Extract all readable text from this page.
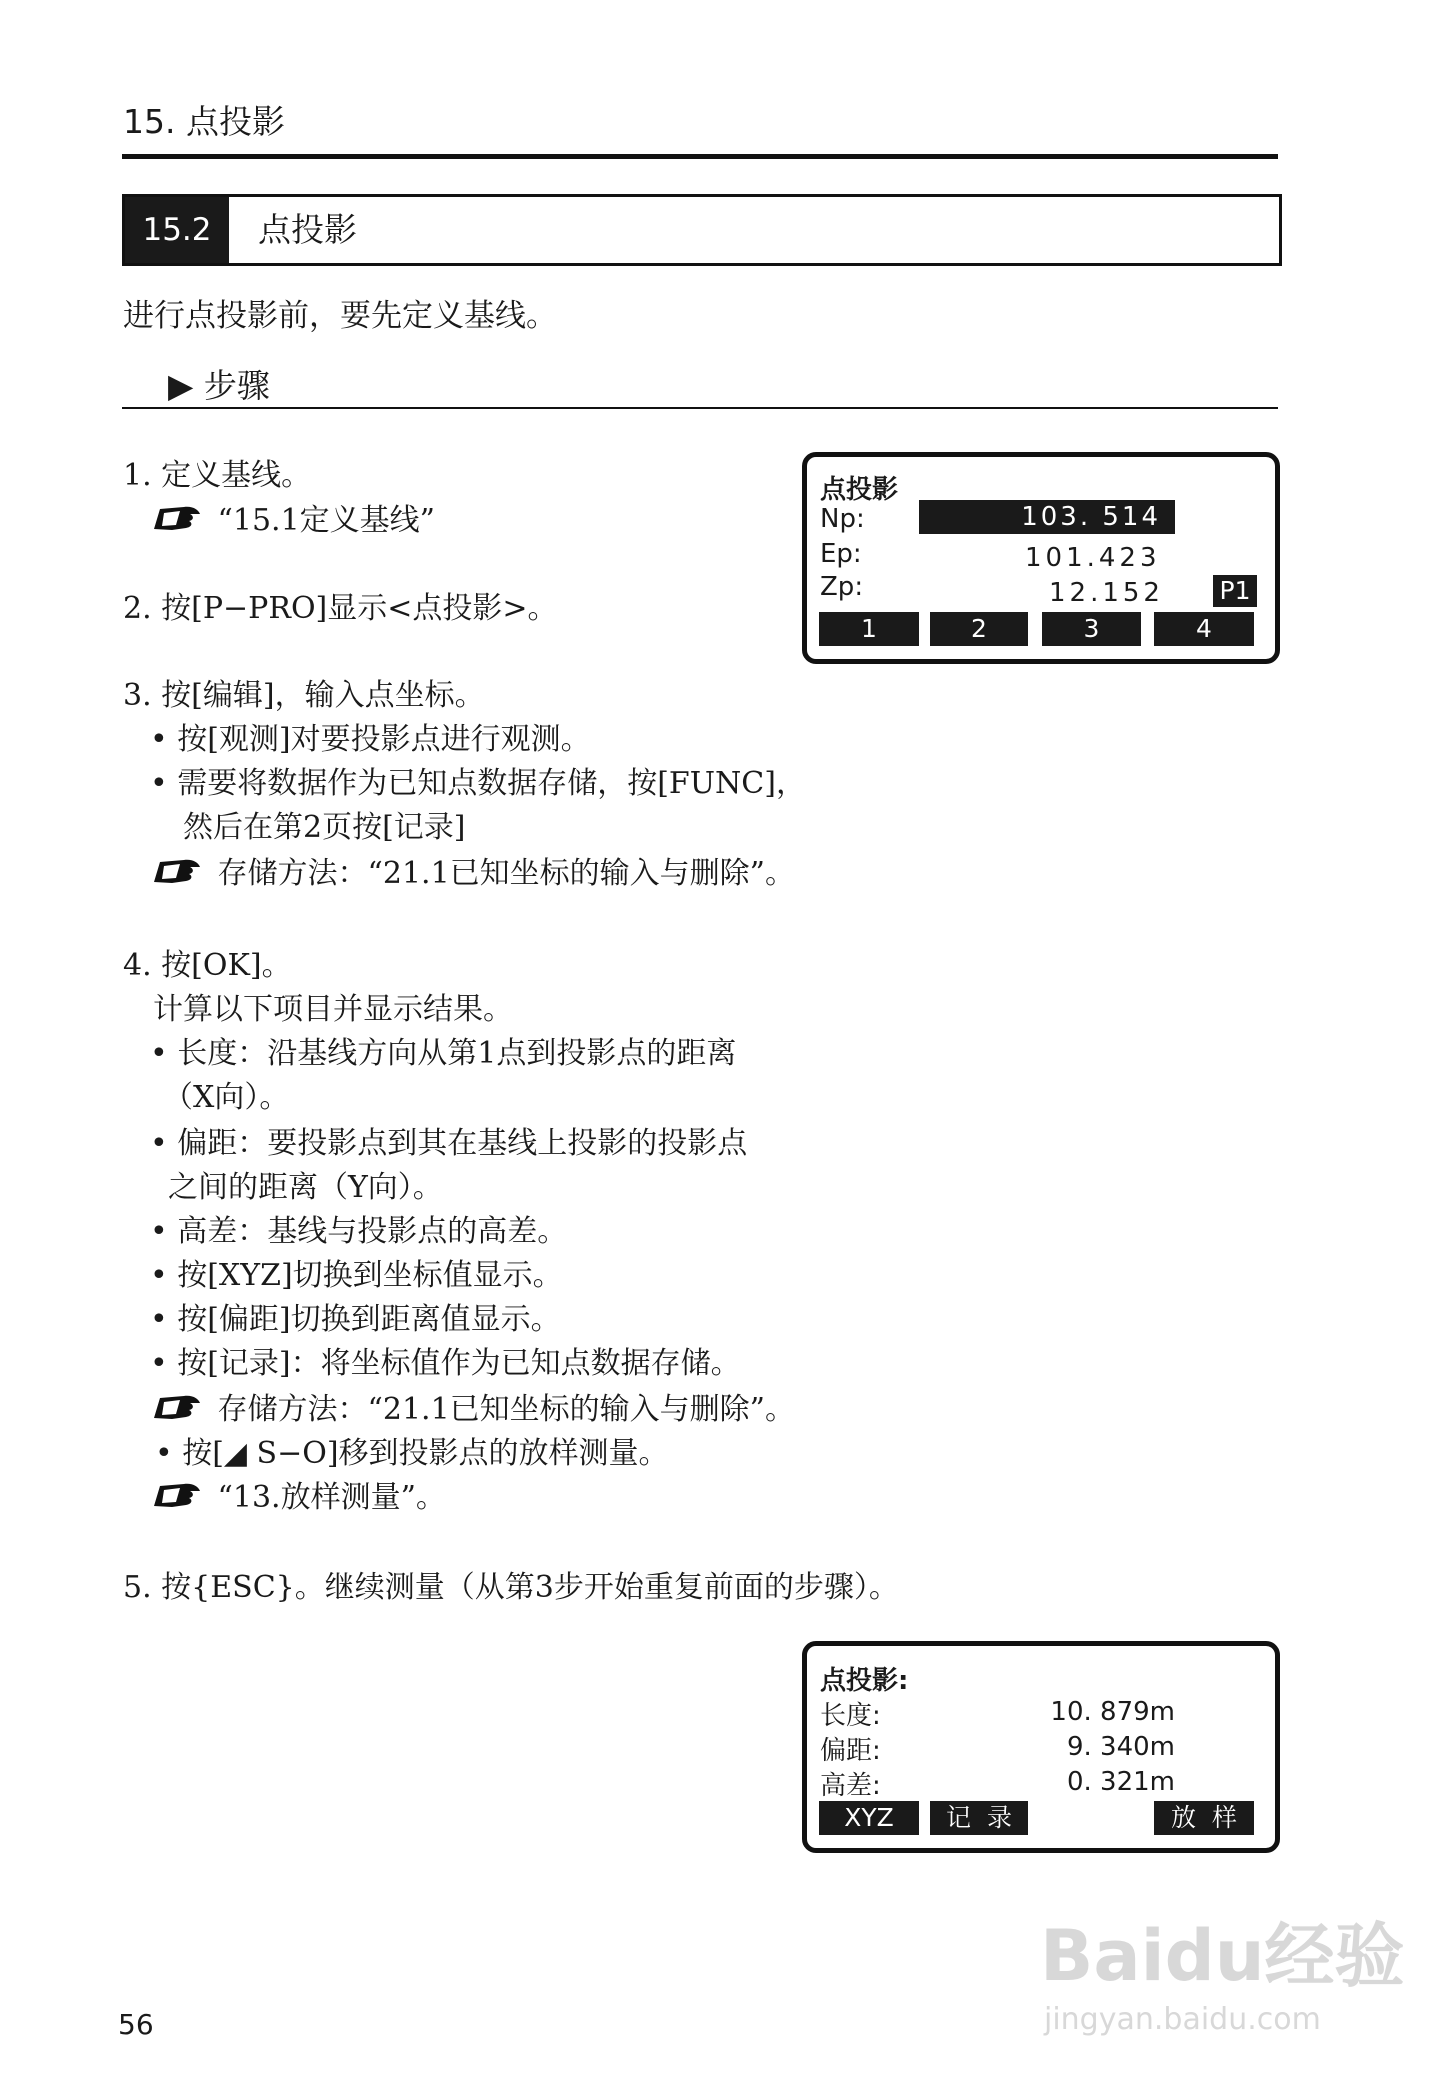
15. 点投影
15.2	点投影
进行点投影前，要先定义基线。
▶ 步骤
1. 定义基线。
“15.1定义基线”
2. 按[P−PRO]显示<点投影>。
3. 按[编辑]，输入点坐标。
• 按[观测]对要投影点进行观测。
• 需要将数据作为已知点数据存储，按[FUNC]，
然后在第2页按[记录]
存储方法：“21.1已知坐标的输入与删除”。
4. 按[OK]。
计算以下项目并显示结果。
• 长度：沿基线方向从第1点到投影点的距离
（X向）。
• 偏距：要投影点到其在基线上投影的投影点
之间的距离（Y向）。
• 高差：基线与投影点的高差。
• 按[XYZ]切换到坐标值显示。
• 按[偏距]切换到距离值显示。
• 按[记录]：将坐标值作为已知点数据存储。
存储方法：“21.1已知坐标的输入与删除”。
• 按[◢ S−O]移到投影点的放样测量。
“13.放样测量”。
5. 按{ESC}。继续测量（从第3步开始重复前面的步骤）。
点投影
Np:	103. 514
Ep:	101.423
Zp:	12.152 P1
1	2	3	4
点投影:
长度:	10. 879m
偏距:	9. 340m
高差:	0. 321m
XYZ	记  录	放  样
56
Baidu经验
jingyan.baidu.com
